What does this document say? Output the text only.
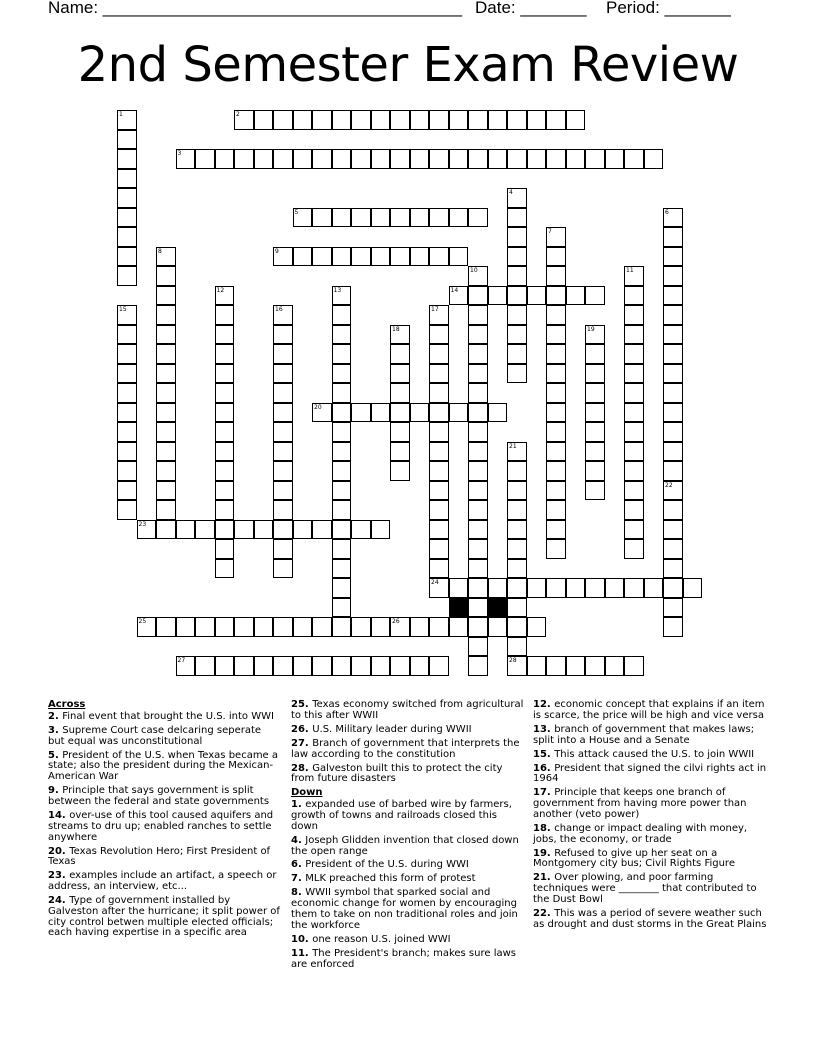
Name: ______________________________________ Date: _______ Period: _______
2nd Semester Exam Review
1	2
3
4
5	6
22
7
8	9
10	11
12	13	14
15	16	17
18	19
20
21
28
23
24
25	26
27
Across
2. Final event that brought the U.S. into WWI
3. Supreme Court case delcaring seperate but equal was unconstitutional
5. President of the U.S. when Texas became a state; also the president during the Mexican-American War
9. Principle that says government is split between the federal and state governments
14. over-use of this tool caused aquifers and streams to dru up; enabled ranches to settle anywhere
20. Texas Revolution Hero; First President of Texas
23. examples include an artifact, a speech or address, an interview, etc...
24. Type of government installed by Galveston after the hurricane; it split power of city control betwen multiple elected officials; each having expertise in a specific area
25. Texas economy switched from agricultural to this after WWII
26. U.S. Military leader during WWII
27. Branch of government that interprets the law according to the constitution
28. Galveston built this to protect the city from future disasters
Down
1. expanded use of barbed wire by farmers, growth of towns and railroads closed this down
4. Joseph Glidden invention that closed down the open range
6. President of the U.S. during WWI
7. MLK preached this form of protest
8. WWII symbol that sparked social and economic change for women by encouraging them to take on non traditional roles and join the workforce
10. one reason U.S. joined WWI
11. The President's branch; makes sure laws are enforced
12. economic concept that explains if an item is scarce, the price will be high and vice versa
13. branch of government that makes laws; split into a House and a Senate
15. This attack caused the U.S. to join WWII
16. President that signed the cilvi rights act in 1964
17. Principle that keeps one branch of government from having more power than another (veto power)
18. change or impact dealing with money, jobs, the economy, or trade
19. Refused to give up her seat on a Montgomery city bus; Civil Rights Figure
21. Over plowing, and poor farming techniques were ________ that contributed to the Dust Bowl
22. This was a period of severe weather such as drought and dust storms in the Great Plains
